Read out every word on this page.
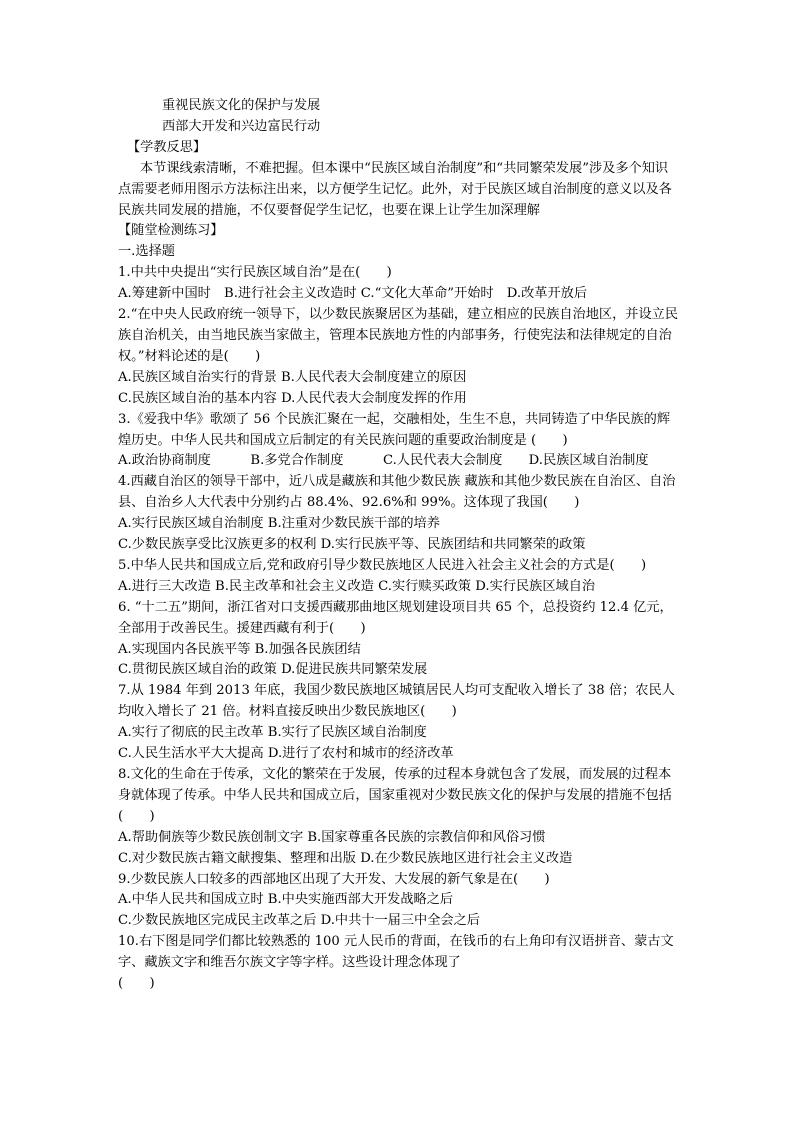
重视民族文化的保护与发展
西部大开发和兴边富民行动
【学教反思】
本节课线索清晰，不难把握。但本课中“民族区域自治制度”和“共同繁荣发展”涉及多个知识点需要老师用图示方法标注出来，以方便学生记忆。此外，对于民族区域自治制度的意义以及各民族共同发展的措施，不仅要督促学生记忆，也要在课上让学生加深理解
【随堂检测练习】
一.选择题
1.中共中央提出“实行民族区域自治”是在(　　)
A.筹建新中国时　B.进行社会主义改造时 C.“文化大革命”开始时　D.改革开放后
2.“在中央人民政府统一领导下，以少数民族聚居区为基础，建立相应的民族自治地区，并设立民族自治机关，由当地民族当家做主，管理本民族地方性的内部事务，行使宪法和法律规定的自治权。”材料论述的是(　　)
A.民族区域自治实行的背景 B.人民代表大会制度建立的原因
C.民族区域自治的基本内容 D.人民代表大会制度发挥的作用
3.《爱我中华》歌颂了 56 个民族汇聚在一起，交融相处，生生不息，共同铸造了中华民族的辉煌历史。中华人民共和国成立后制定的有关民族问题的重要政治制度是 (　　)
A.政治协商制度　　　B.多党合作制度　　　C.人民代表大会制度　　D.民族区域自治制度
4.西藏自治区的领导干部中，近八成是藏族和其他少数民族 藏族和其他少数民族在自治区、自治县、自治乡人大代表中分别约占 88.4%、92.6%和 99%。这体现了我国(　　)
A.实行民族区域自治制度 B.注重对少数民族干部的培养
C.少数民族享受比汉族更多的权利 D.实行民族平等、民族团结和共同繁荣的政策
5.中华人民共和国成立后,党和政府引导少数民族地区人民进入社会主义社会的方式是(　　)
A.进行三大改造 B.民主改革和社会主义改造 C.实行赎买政策 D.实行民族区域自治
6. “十二五”期间，浙江省对口支援西藏那曲地区规划建设项目共 65 个，总投资约 12.4 亿元，全部用于改善民生。援建西藏有利于(　　)
A.实现国内各民族平等 B.加强各民族团结
C.贯彻民族区域自治的政策 D.促进民族共同繁荣发展
7.从 1984 年到 2013 年底，我国少数民族地区城镇居民人均可支配收入增长了 38 倍；农民人均收入增长了 21 倍。材料直接反映出少数民族地区(　　)
A.实行了彻底的民主改革 B.实行了民族区域自治制度
C.人民生活水平大大提高 D.进行了农村和城市的经济改革
8.文化的生命在于传承，文化的繁荣在于发展，传承的过程本身就包含了发展，而发展的过程本身就体现了传承。中华人民共和国成立后，国家重视对少数民族文化的保护与发展的措施不包括(　　)
A.帮助侗族等少数民族创制文字 B.国家尊重各民族的宗教信仰和风俗习惯
C.对少数民族古籍文献搜集、整理和出版 D.在少数民族地区进行社会主义改造
9.少数民族人口较多的西部地区出现了大开发、大发展的新气象是在(　　)
A.中华人民共和国成立时 B.中央实施西部大开发战略之后
C.少数民族地区完成民主改革之后 D.中共十一届三中全会之后
10.右下图是同学们都比较熟悉的 100 元人民币的背面，在钱币的右上角印有汉语拼音、蒙古文字、藏族文字和维吾尔族文字等字样。这些设计理念体现了
(　　)
